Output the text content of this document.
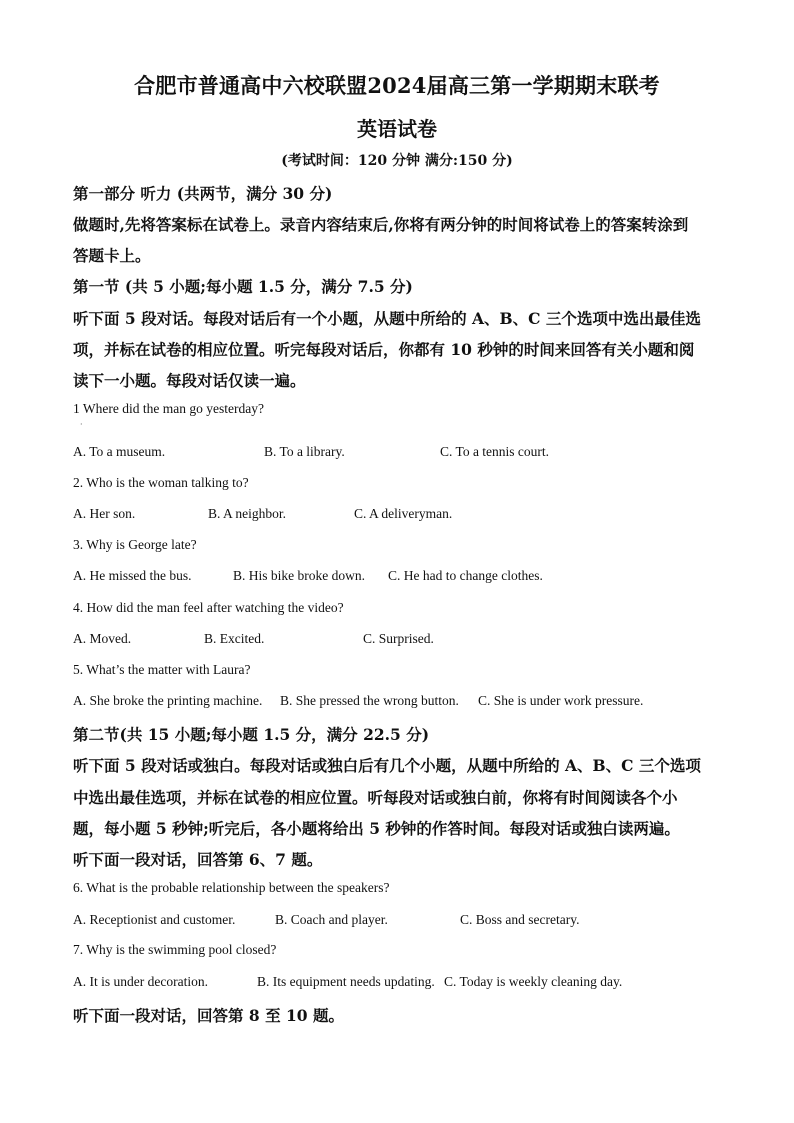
合肥市普通高中六校联盟2024届高三第一学期期末联考
英语试卷
(考试时间：120 分钟 满分:150 分)
第一部分 听力 (共两节，满分 30 分)
做题时,先将答案标在试卷上。录音内容结束后,你将有两分钟的时间将试卷上的答案转涂到
答题卡上。
第一节 (共 5 小题;每小题 1.5 分，满分 7.5 分)
听下面 5 段对话。每段对话后有一个小题，从题中所给的 A、B、C 三个选项中选出最佳选
项，并标在试卷的相应位置。听完每段对话后，你都有 10 秒钟的时间来回答有关小题和阅
读下一小题。每段对话仅读一遍。
1 Where did the man go yesterday?
·
A. To a museum.	B. To a library.	C. To a tennis court.
2. Who is the woman talking to?
A. Her son.	B. A neighbor.	C. A deliveryman.
3. Why is George late?
A. He missed the bus.	B. His bike broke down. C. He had to change clothes.
4. How did the man feel after watching the video?
A. Moved.	B. Excited.	C. Surprised.
5. What’s the matter with Laura?
A. She broke the printing machine. B. She pressed the wrong button. C. She is under work pressure.
第二节(共 15 小题;每小题 1.5 分，满分 22.5 分)
听下面 5 段对话或独白。每段对话或独白后有几个小题，从题中所给的 A、B、C 三个选项
中选出最佳选项，并标在试卷的相应位置。听每段对话或独白前，你将有时间阅读各个小
题，每小题 5 秒钟;听完后，各小题将给出 5 秒钟的作答时间。每段对话或独白读两遍。
听下面一段对话，回答第 6、7 题。
6. What is the probable relationship between the speakers?
A. Receptionist and customer.	B. Coach and player.	C. Boss and secretary.
7. Why is the swimming pool closed?
A. It is under decoration.	B. Its equipment needs updating. C. Today is weekly cleaning day.
听下面一段对话，回答第 8 至 10 题。
